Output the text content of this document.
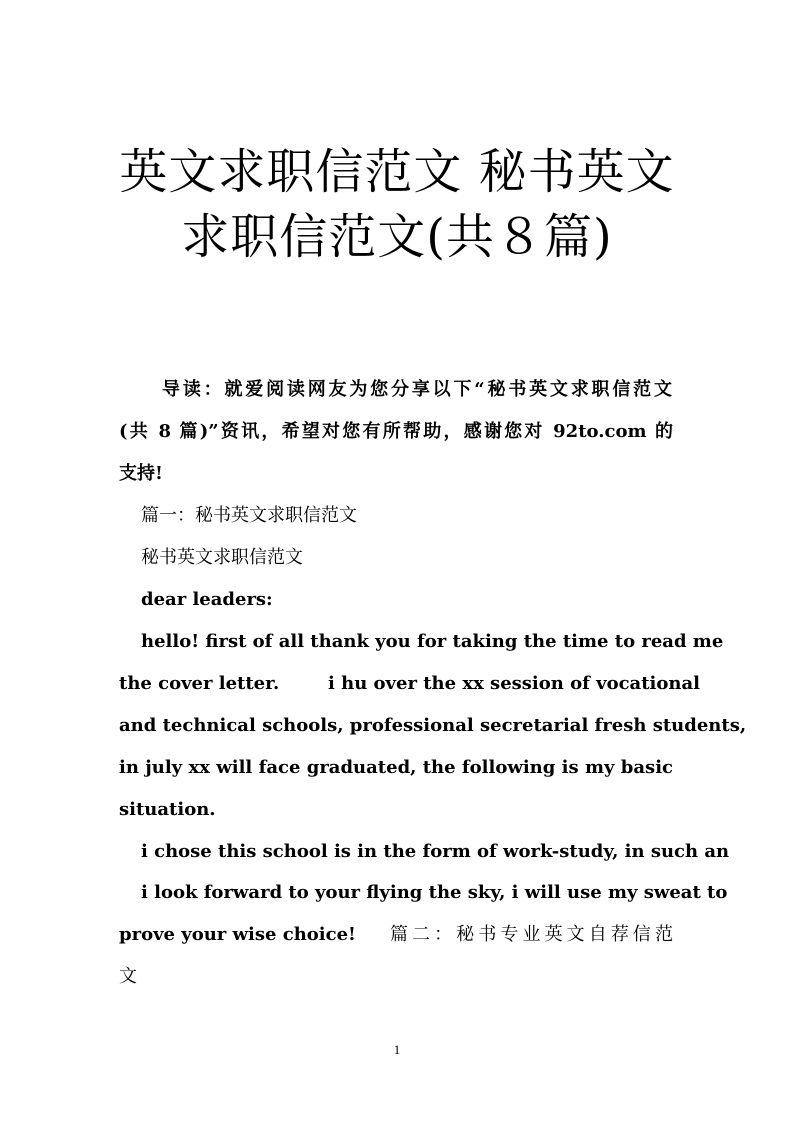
英文求职信范文 秘书英文
求职信范文(共８篇)
导读：就爱阅读网友为您分享以下“秘书英文求职信范文
(共 8 篇)”资讯，希望对您有所帮助，感谢您对 92to.com 的
支持!
篇一：秘书英文求职信范文
秘书英文求职信范文
dear leaders:
hello! first of all thank you for taking the time to read me
the cover letter.	i hu over the xx session of vocational
and technical schools, professional secretarial fresh students,
in july xx will face graduated, the following is my basic
situation.
i chose this school is in the form of work-study, in such an
i look forward to your flying the sky, i will use my sweat to
prove your wise choice! 篇二：秘书专业英文自荐信范
文
1
